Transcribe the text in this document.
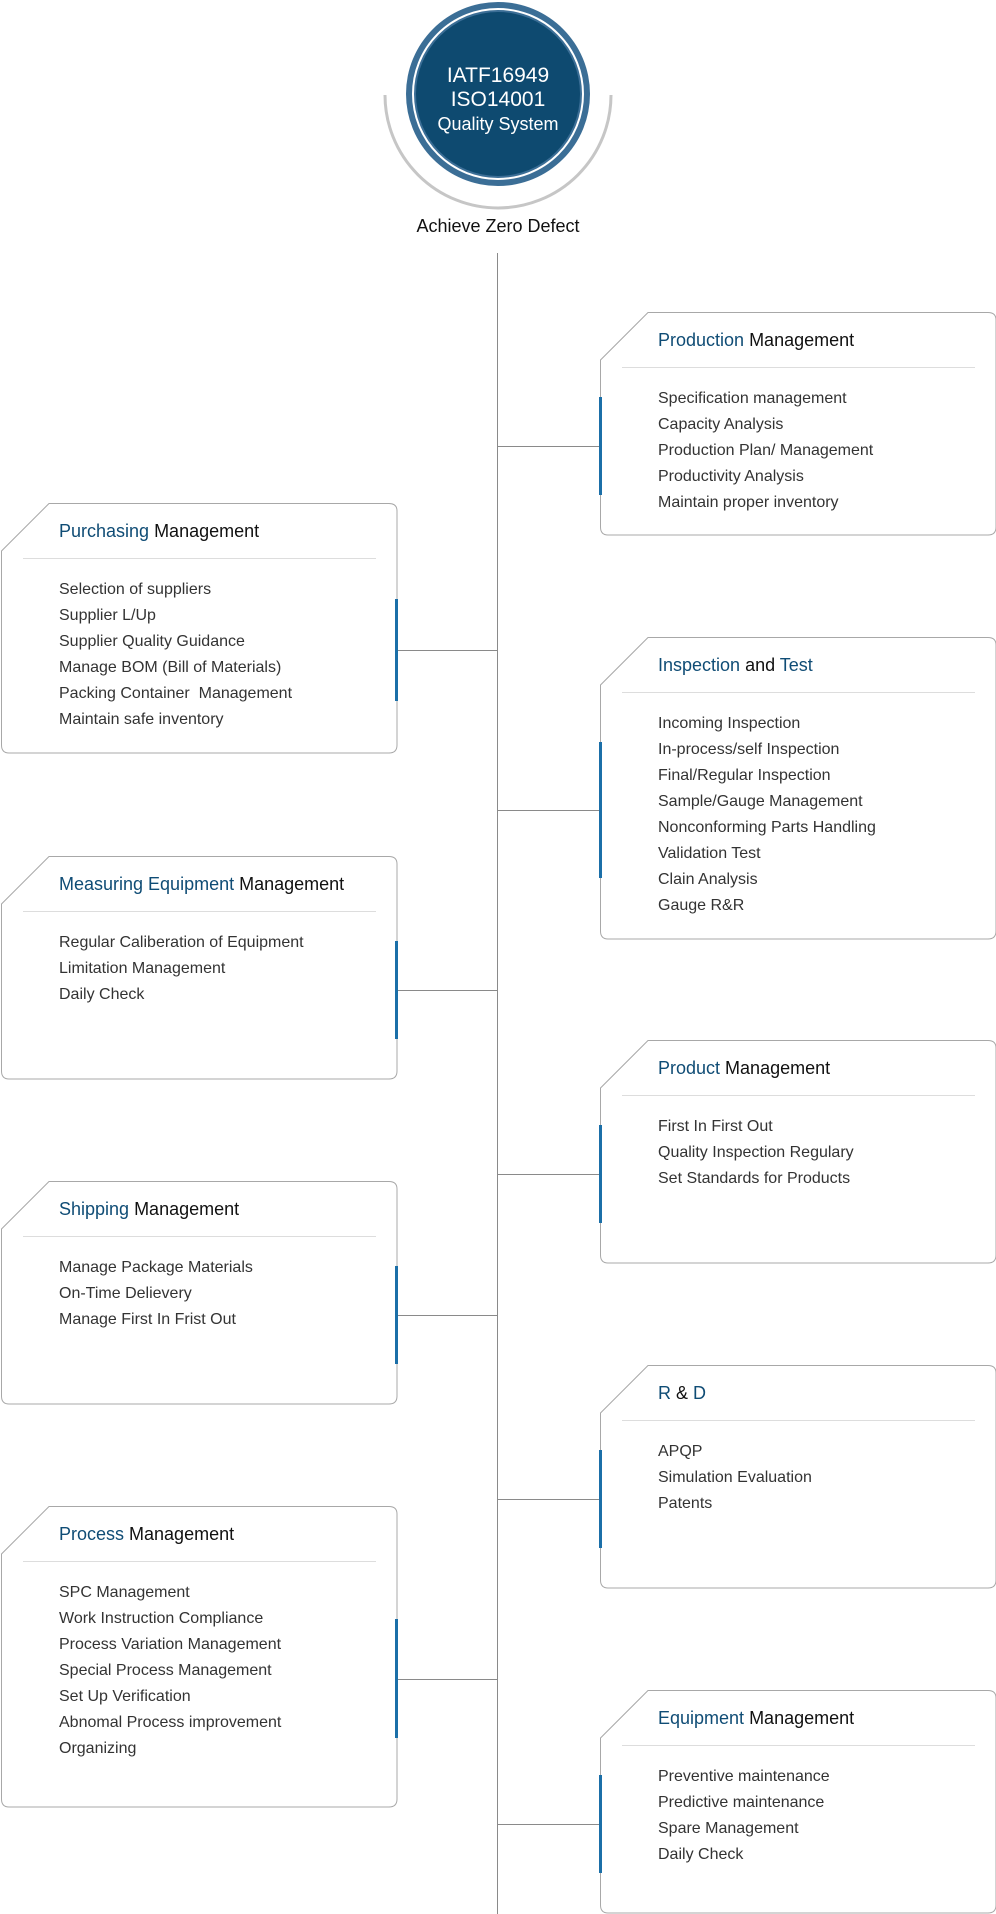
IATF16949
ISO14001
Quality System
Achieve Zero Defect
Production Management
Specification management
Capacity Analysis
Production Plan/ Management
Productivity Analysis
Maintain proper inventory
Purchasing Management
Selection of suppliers
Supplier L/Up
Supplier Quality Guidance
Manage BOM (Bill of Materials)
Packing Container  Management
Maintain safe inventory
Inspection and Test
Incoming Inspection
In-process/self Inspection
Final/Regular Inspection
Sample/Gauge Management
Nonconforming Parts Handling
Validation Test
Clain Analysis
Gauge R&R
Measuring Equipment Management
Regular Caliberation of Equipment
Limitation Management
Daily Check
Product Management
First In First Out
Quality Inspection Regulary
Set Standards for Products
Shipping Management
Manage Package Materials
On-Time Delievery
Manage First In Frist Out
R & D
APQP
Simulation Evaluation
Patents
Process Management
SPC Management
Work Instruction Compliance
Process Variation Management
Special Process Management
Set Up Verification
Abnomal Process improvement
Organizing
Equipment Management
Preventive maintenance
Predictive maintenance
Spare Management
Daily Check
